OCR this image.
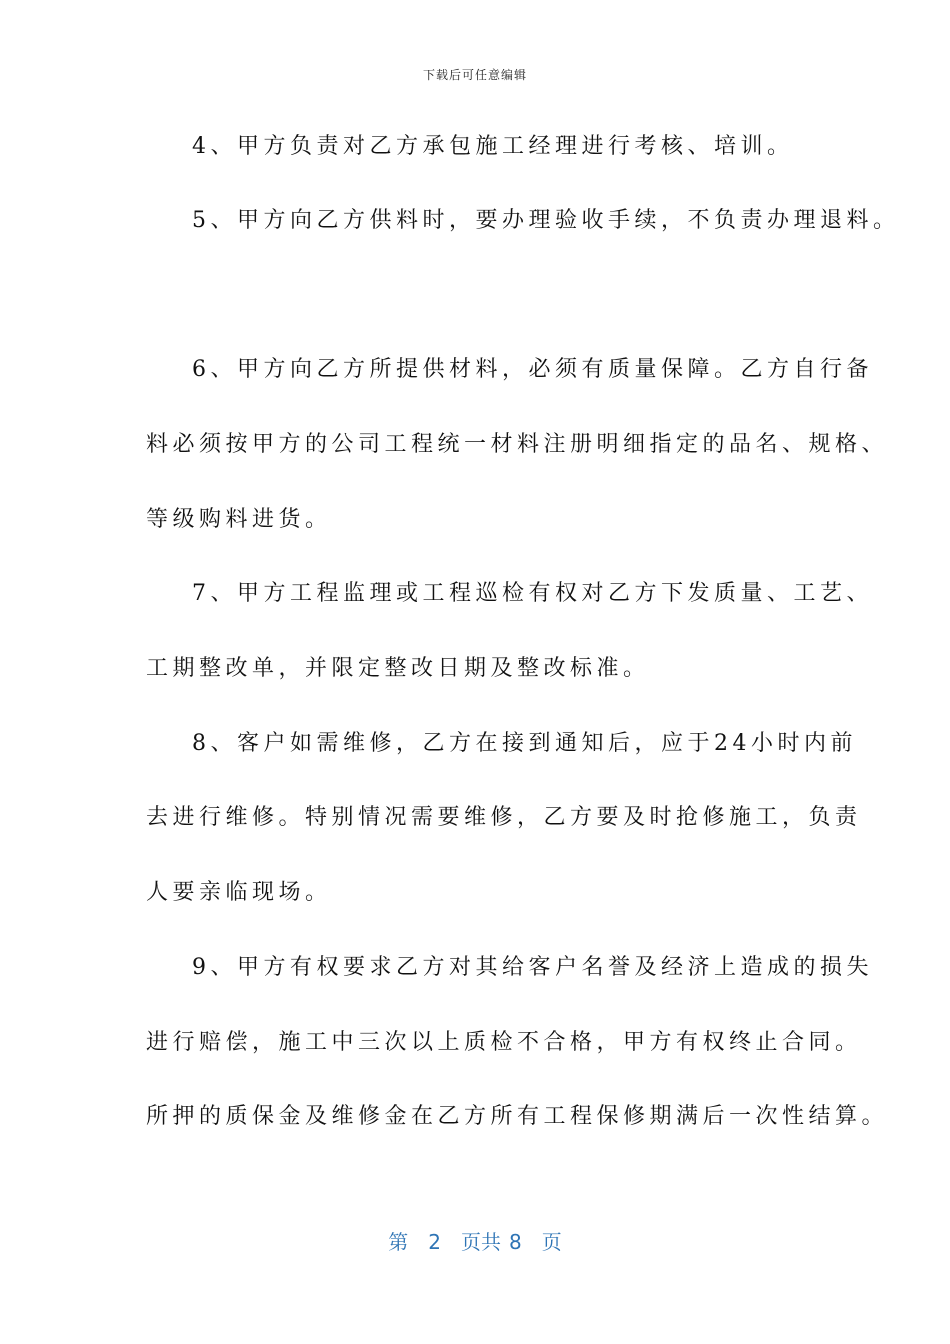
下载后可任意编辑
4、甲方负责对乙方承包施工经理进行考核、培训。
5、甲方向乙方供料时，要办理验收手续，不负责办理退料。
6、甲方向乙方所提供材料，必须有质量保障。乙方自行备
料必须按甲方的公司工程统一材料注册明细指定的品名、规格、
等级购料进货。
7、甲方工程监理或工程巡检有权对乙方下发质量、工艺、
工期整改单，并限定整改日期及整改标准。
8、客户如需维修，乙方在接到通知后，应于24小时内前
去进行维修。特别情况需要维修，乙方要及时抢修施工，负责
人要亲临现场。
9、甲方有权要求乙方对其给客户名誉及经济上造成的损失
进行赔偿，施工中三次以上质检不合格，甲方有权终止合同。
所押的质保金及维修金在乙方所有工程保修期满后一次性结算。
第 2 页共 8 页
